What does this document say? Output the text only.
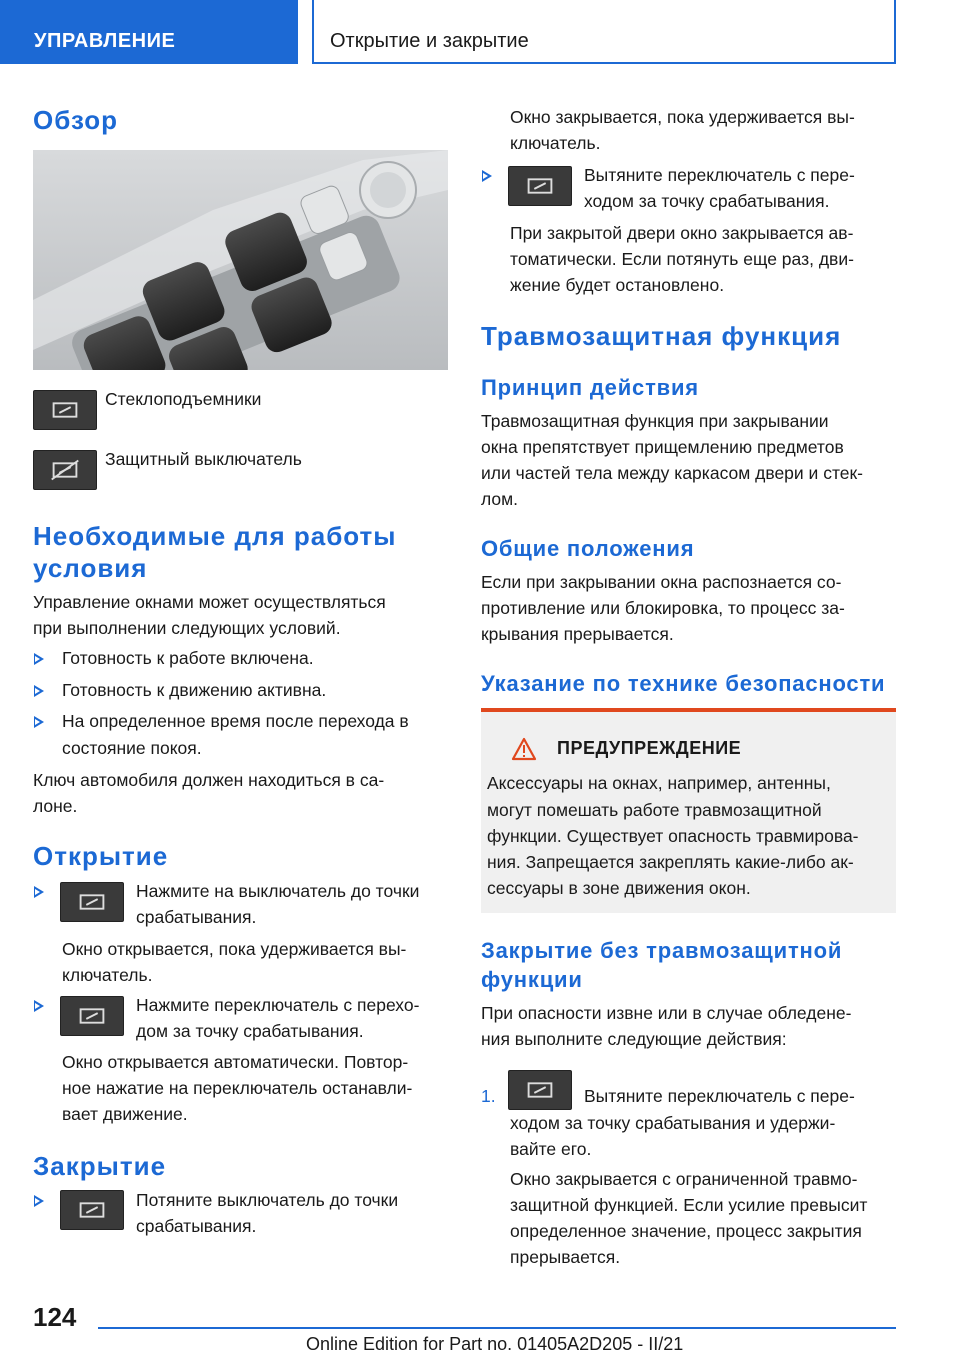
УПРАВЛЕНИЕ	Открытие и закрытие
Обзор

Стеклоподъемники

Защитный выключатель

Необходимые для работы
условия

Управление окнами может осуществляться

при выполнении следующих условий.

Готовность к работе включена.
Готовность к движению активна.
На определенное время после перехода в
состояние покоя.

Ключ автомобиля должен находиться в са-

лоне.

Открытие

Нажмите на выключатель до точки

срабатывания.

Окно открывается, пока удерживается вы-

ключатель.

Нажмите переключатель с перехо-

дом за точку срабатывания.

Окно открывается автоматически. Повтор-

ное нажатие на переключатель останавли-

вает движение.

Закрытие

Потяните выключатель до точки

срабатывания.

Окно закрывается, пока удерживается вы-

ключатель.

Вытяните переключатель с пере-

ходом за точку срабатывания.

При закрытой двери окно закрывается ав-

томатически. Если потянуть еще раз, дви-

жение будет остановлено.

Травмозащитная функция
Принцип действия

Травмозащитная функция при закрывании

окна препятствует прищемлению предметов

или частей тела между каркасом двери и стек-

лом.

Общие положения

Если при закрывании окна распознается со-

противление или блокировка, то процесс за-

крывания прерывается.

Указание по технике безопасности
ПРЕДУПРЕЖДЕНИЕ

Аксессуары на окнах, например, антенны,

могут помешать работе травмозащитной

функции. Существует опасность травмирова-

ния. Запрещается закреплять какие-либо ак-

сессуары в зоне движения окон.

Закрытие без травмозащитной
функции

При опасности извне или в случае обледене-

ния выполните следующие действия:

1.	Вытяните переключатель с пере-

ходом за точку срабатывания и удержи-

вайте его.

Окно закрывается с ограниченной травмо-

защитной функцией. Если усилие превысит

определенное значение, процесс закрытия

прерывается.

124
Online Edition for Part no. 01405A2D205 - II/21
